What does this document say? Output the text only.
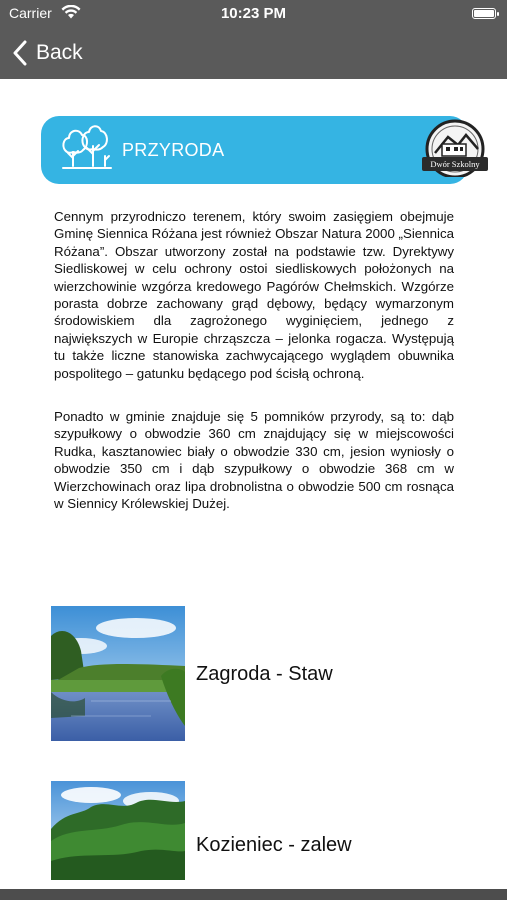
Carrier	10:23 PM
Back
PRZYRODA
Dwór Szkolny

Cennym przyrodniczo terenem, który swoim zasięgiem obejmuje Gminę Siennica Różana jest również Obszar Natura 2000 „Siennica Różana”. Obszar utworzony został na podstawie tzw. Dyrektywy Siedliskowej w celu ochrony ostoi siedliskowych położonych na wierzchowinie wzgórza kredowego Pagórów Chełmskich. Wzgórze porasta dobrze zachowany grąd dębowy, będący wymarzonym środowiskiem dla zagrożonego wyginięciem, jednego z największych w Europie chrząszcza – jelonka rogacza. Występują tu także liczne stanowiska zachwycającego wyglądem obuwnika pospolitego – gatunku będącego pod ścisłą ochroną.

Ponadto w gminie znajduje się 5 pomników przyrody, są to: dąb szypułkowy o obwodzie 360 cm znajdujący się w miejscowości Rudka, kasztanowiec biały o obwodzie 330 cm, jesion wyniosły o obwodzie 350 cm i dąb szypułkowy o obwodzie 368 cm w Wierzchowinach oraz lipa drobnolistna o obwodzie 500 cm rosnąca w Siennicy Królewskiej Dużej.

Zagroda - Staw
Kozieniec - zalew
